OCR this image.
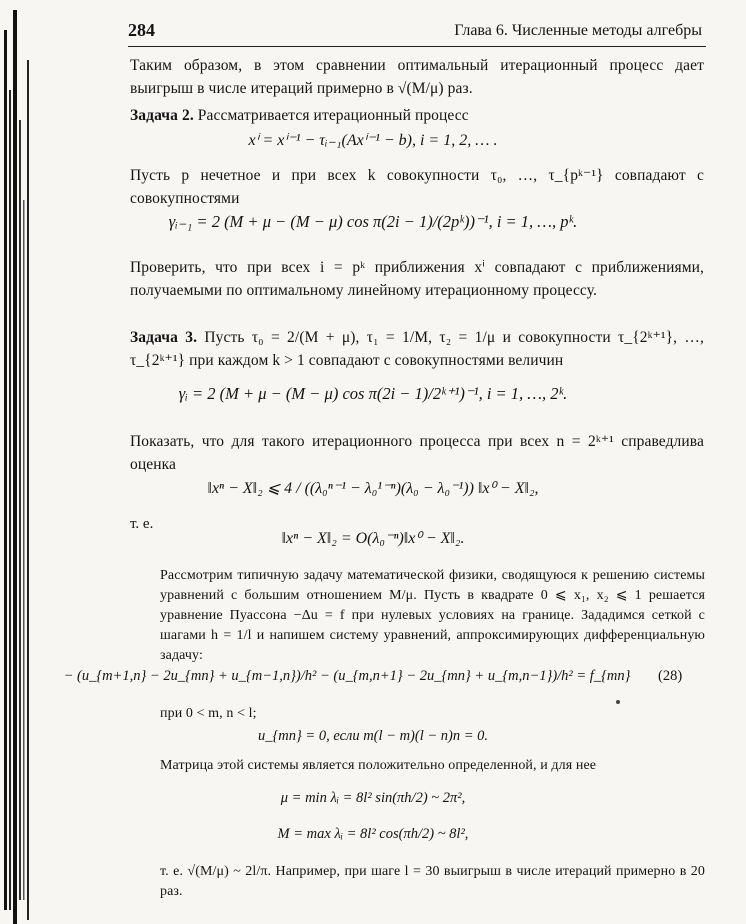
284	Глава 6. Численные методы алгебры

Таким образом, в этом сравнении оптимальный итерационный процесс дает выигрыш в числе итераций примерно в √(M/μ) раз.

Задача 2. Рассматривается итерационный процесс

xⁱ = xⁱ⁻¹ − τᵢ₋₁(Axⁱ⁻¹ − b), i = 1, 2, … .

Пусть p нечетное и при всех k совокупности τ₀, …, τ_{pᵏ⁻¹} совпадают с совокупностями

γᵢ₋₁ = 2 (M + μ − (M − μ) cos π(2i − 1)/(2pᵏ))⁻¹, i = 1, …, pᵏ.

Проверить, что при всех i = pᵏ приближения xⁱ совпадают с приближениями, получаемыми по оптимальному линейному итерационному процессу.

Задача 3. Пусть τ₀ = 2/(M + μ), τ₁ = 1/M, τ₂ = 1/μ и совокупности τ_{2ᵏ⁺¹}, …, τ_{2ᵏ⁺¹} при каждом k > 1 совпадают с совокупностями величин

γᵢ = 2 (M + μ − (M − μ) cos π(2i − 1)/2ᵏ⁺¹)⁻¹, i = 1, …, 2ᵏ.

Показать, что для такого итерационного процесса при всех n = 2ᵏ⁺¹ справедлива оценка

‖xⁿ − X‖₂ ⩽ 4 / ((λ₀ⁿ⁻¹ − λ₀¹⁻ⁿ)(λ₀ − λ₀⁻¹)) ‖x⁰ − X‖₂,
т. е.
‖xⁿ − X‖₂ = O(λ₀⁻ⁿ)‖x⁰ − X‖₂.

Рассмотрим типичную задачу математической физики, сводящуюся к решению системы уравнений с большим отношением M/μ. Пусть в квадрате 0 ⩽ x₁, x₂ ⩽ 1 решается уравнение Пуассона −Δu = f при нулевых условиях на границе. Зададимся сеткой с шагами h = 1/l и напишем систему уравнений, аппроксимирующих дифференциальную задачу:

− (u_{m+1,n} − 2u_{mn} + u_{m−1,n})/h² − (u_{m,n+1} − 2u_{mn} + u_{m,n−1})/h² = f_{mn}	(28)

при 0 < m, n < l;

u_{mn} = 0, если m(l − m)(l − n)n = 0.

Матрица этой системы является положительно определенной, и для нее

μ = min λᵢ = 8l² sin(πh/2) ~ 2π²,
M = max λᵢ = 8l² cos(πh/2) ~ 8l²,

т. е. √(M/μ) ~ 2l/π. Например, при шаге l = 30 выигрыш в числе итераций примерно в 20 раз.
